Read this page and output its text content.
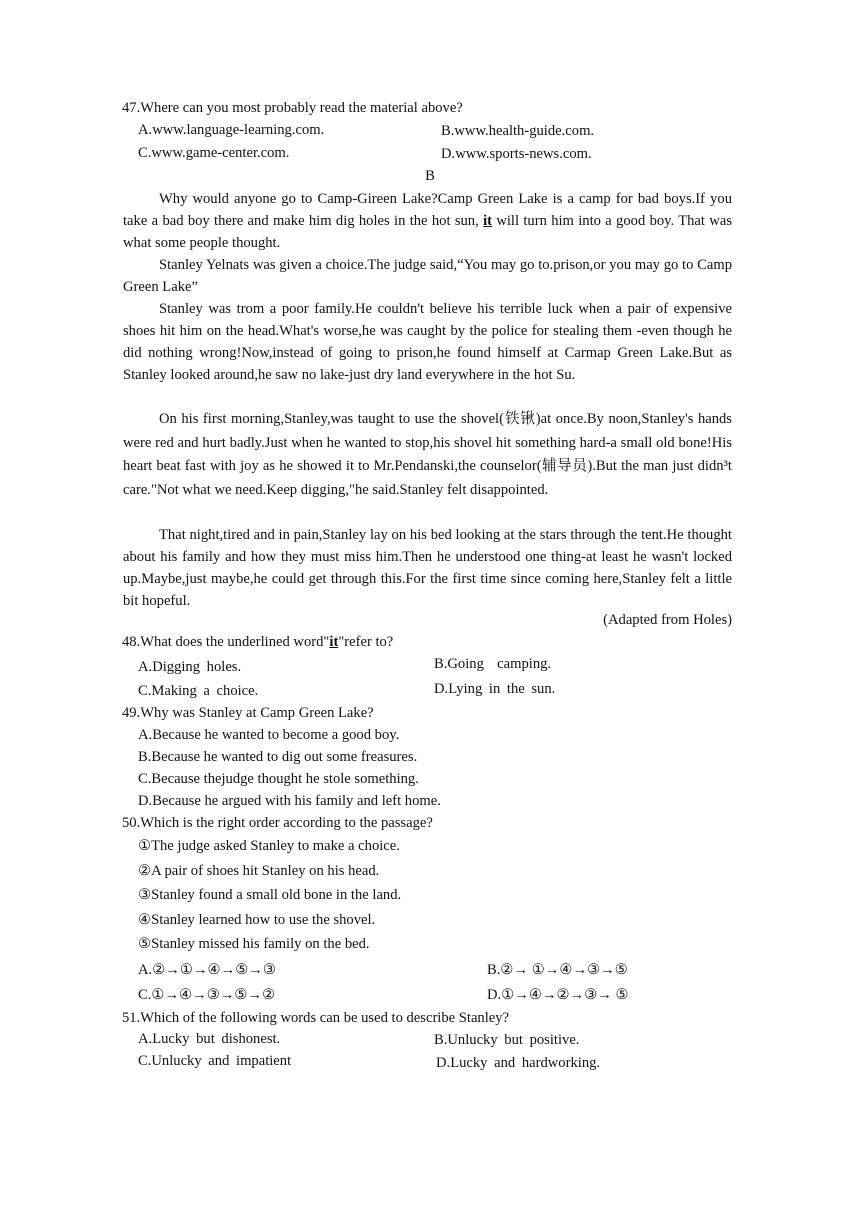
47.Where can you most probably read the material above?
A.www.language-learning.com.	B.www.health-guide.com.
C.www.game-center.com.	D.www.sports-news.com.
B
Why would anyone go to Camp-Gireen Lake?Camp Green Lake is a camp for bad boys.If you take a bad boy there and make him dig holes in the hot sun, it will turn him into a good boy. That was what some people thought.
Stanley Yelnats was given a choice.The judge said,“You may go to.prison,or you may go to Camp Green Lake”
Stanley was trom a poor family.He couldn't believe his terrible luck when a pair of expensive shoes hit him on the head.What's worse,he was caught by the police for stealing them -even though he did nothing wrong!Now,instead of going to prison,he found himself at Carmap Green Lake.But as Stanley looked around,he saw no lake-just dry land everywhere in the hot Su.
On his first morning,Stanley,was taught to use the shovel(铁锹)at once.By noon,Stanley's hands were red and hurt badly.Just when he wanted to stop,his shovel hit something hard-a small old bone!His heart beat fast with joy as he showed it to Mr.Pendanski,the counselor(辅导员).But the man just didn³t care."Not what we need.Keep digging,"he said.Stanley felt disappointed.
That night,tired and in pain,Stanley lay on his bed looking at the stars through the tent.He thought about his family and how they must miss him.Then he understood one thing-at least he wasn't locked up.Maybe,just maybe,he could get through this.For the first time since coming here,Stanley felt a little bit hopeful.
(Adapted from Holes)
48.What does the underlined word"it"refer to?
A.Digging holes.	B.Going  camping.
C.Making a choice.	D.Lying in the sun.
49.Why was Stanley at Camp Green Lake?
A.Because he wanted to become a good boy.
B.Because he wanted to dig out some freasures.
C.Because thejudge thought he stole something.
D.Because he argued with his family and left home.
50.Which is the right order according to the passage?
①The judge asked Stanley to make a choice.
②A pair of shoes hit Stanley on his head.
③Stanley found a small old bone in the land.
④Stanley learned how to use the shovel.
⑤Stanley missed his family on the bed.
A.②→①→④→⑤→③	B.②→ ①→④→③→⑤
C.①→④→③→⑤→②	D.①→④→②→③→ ⑤
51.Which of the following words can be used to describe Stanley?
A.Lucky but dishonest.	B.Unlucky but positive.
C.Unlucky and impatient	D.Lucky and hardworking.
